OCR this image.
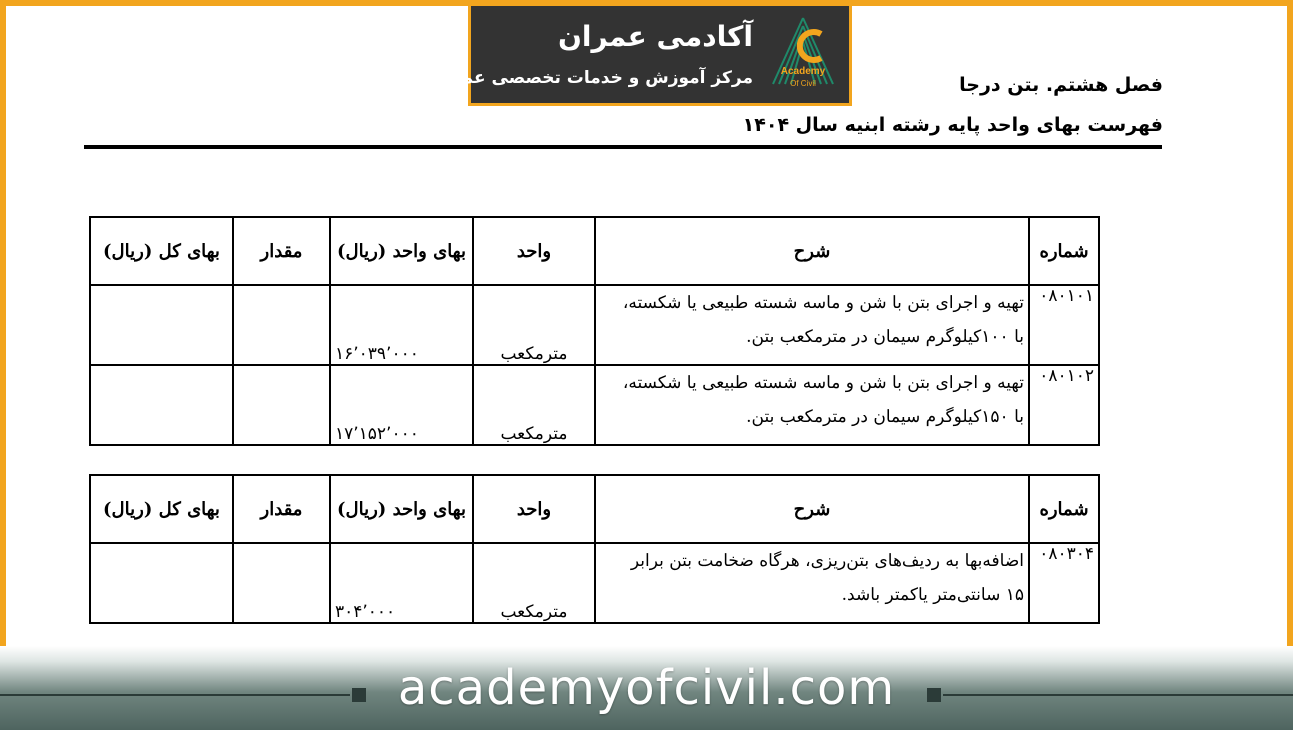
آکادمی عمران
مرکز آموزش و خدمات تخصصی عمران	Academy
Of Civil	فصل هشتم. بتن درجا
فهرست بهای واحد پایه رشته ابنیه سال ۱۴۰۴
شماره	شرح	واحد	بهای واحد (ریال)	مقدار	بهای کل (ریال)
۰۸۰۱۰۱	تهیه و اجرای بتن با شن و ماسه شسته طبیعی یا شکسته،
با ۱۰۰کیلوگرم سیمان در مترمکعب بتن.	مترمکعب	۱۶٬۰۳۹٬۰۰۰		
۰۸۰۱۰۲	تهیه و اجرای بتن با شن و ماسه شسته طبیعی یا شکسته،
با ۱۵۰کیلوگرم سیمان در مترمکعب بتن.	مترمکعب	۱۷٬۱۵۲٬۰۰۰		
شماره	شرح	واحد	بهای واحد (ریال)	مقدار	بهای کل (ریال)
۰۸۰۳۰۴	اضافه‌بها به ردیف‌های بتن‌ریزی، هرگاه ضخامت بتن برابر
۱۵ سانتی‌متر یاکمتر باشد.	مترمکعب	۳۰۴٬۰۰۰		
academyofcivil.com
